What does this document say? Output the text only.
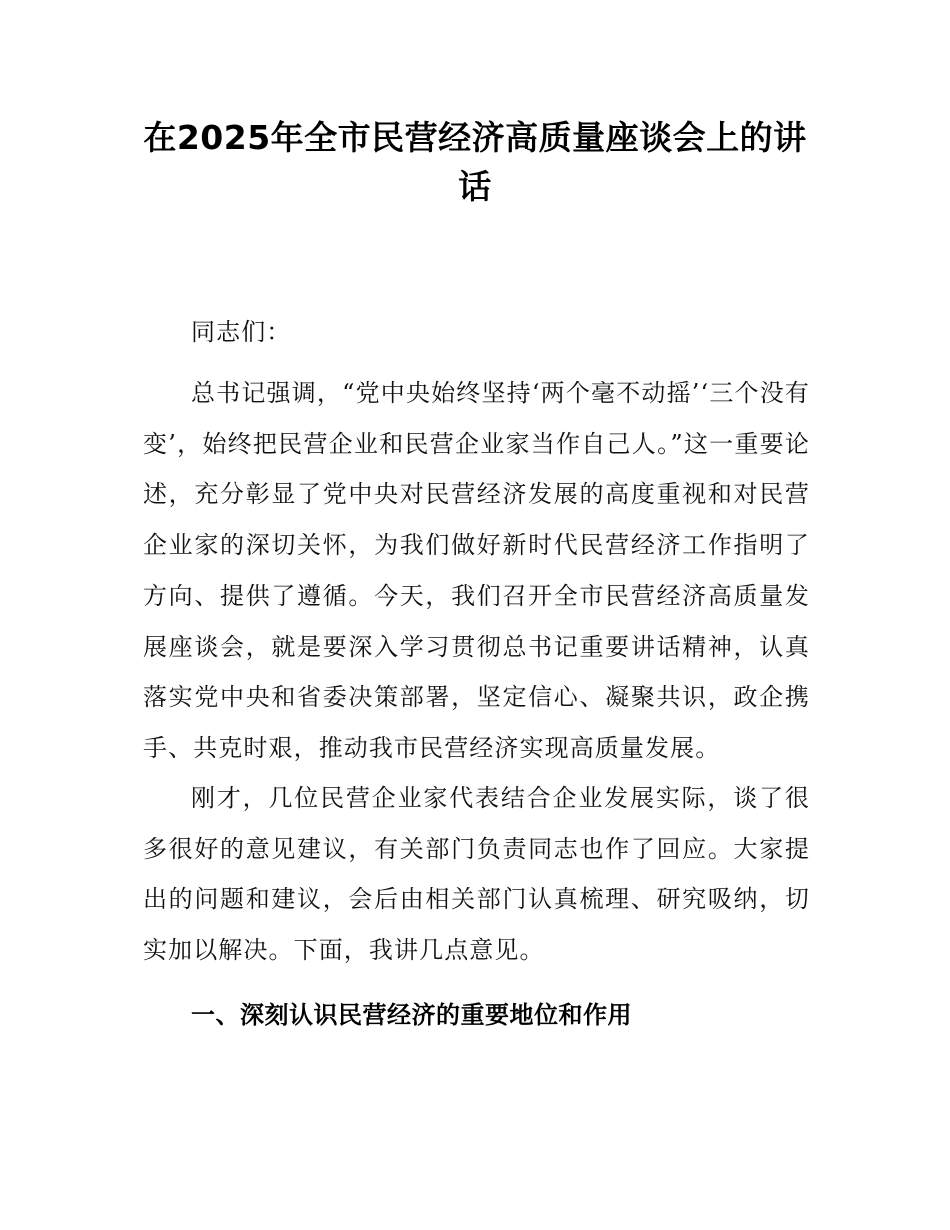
在2025年全市民营经济高质量座谈会上的讲话

同志们：

总书记强调，“党中央始终坚持‘两个毫不动摇’‘三个没有变’，始终把民营企业和民营企业家当作自己人。”这一重要论述，充分彰显了党中央对民营经济发展的高度重视和对民营企业家的深切关怀，为我们做好新时代民营经济工作指明了方向、提供了遵循。今天，我们召开全市民营经济高质量发展座谈会，就是要深入学习贯彻总书记重要讲话精神，认真落实党中央和省委决策部署，坚定信心、凝聚共识，政企携手、共克时艰，推动我市民营经济实现高质量发展。

刚才，几位民营企业家代表结合企业发展实际，谈了很多很好的意见建议，有关部门负责同志也作了回应。大家提出的问题和建议，会后由相关部门认真梳理、研究吸纳，切实加以解决。下面，我讲几点意见。

一、深刻认识民营经济的重要地位和作用
